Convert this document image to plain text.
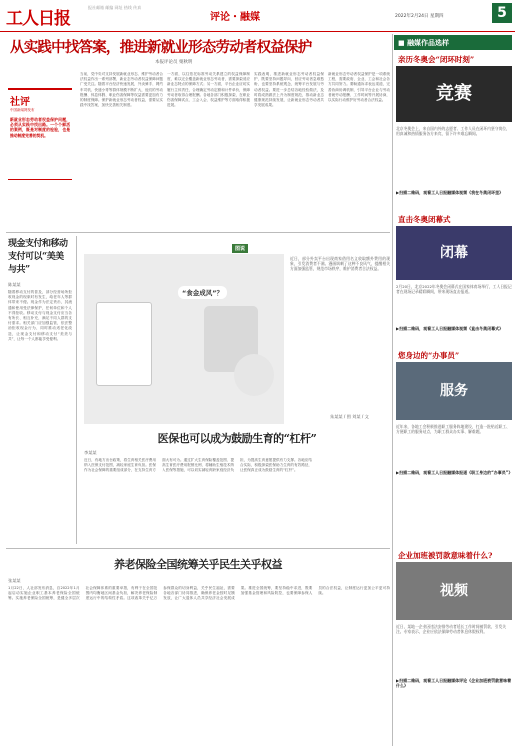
工人日报
报社邮箱 邮编 网址 热线 传真
评论・融媒	2022年2月24日 星期四	5
从实践中找答案，推进新就业形态劳动者权益保护
本报评论员 栗秋明
社评
中国新闻网发布
新就业形态劳动者权益保护问题，必须从实践中找出路。一个个鲜活的案例，既是对制度的检验，也是推动制度完善的契机。
当前，党中央对支持发展新就业形态、维护劳动者合法权益作出一系列部署，新业态劳动者权益保障问题广受关注。随着平台经济快速发展，外卖骑手、网约车司机、快递小哥等群体规模不断扩大，他们的劳动报酬、休息休假、职业伤害保障等权益需要更加有力的制度保障。保护新就业形态劳动者权益，需要从实践中找答案，加快完善相关制度。
一方面，以往依托标准劳动关系建立的权益保障制度，难以完全覆盖新就业形态劳动者，需要探索适应新业态特点的保障方式；另一方面，平台企业应切实履行主体责任，合理确定劳动定额和计件单价，保障劳动者取得合理报酬。各地各部门积极探索，在职业伤害保障试点、工会入会、权益维护等方面取得积极进展。
实践表明，推进新就业形态劳动者权益保护，既要坚持问题导向，回应劳动者急难愁盼，也要坚持系统观念，统筹平台发展与劳动者权益。要进一步总结各地经验做法，及时将成熟做法上升为制度规范，推动新业态健康规范持续发展，让新就业形态劳动者共享发展成果。
新就业形态劳动者权益保护是一项系统工程，需要政府、企业、工会和社会各方共同努力。要畅通诉求表达渠道，完善协商协调机制，引导平台企业与劳动者就劳动报酬、工作时间等开展协商，以实际行动维护好劳动者合法权益。
现金支付和移动支付可以“美美与共”
陈某某
随着移动支付的普及，部分经营场所拒收现金的现象时有发生，给老年人等群体带来不便。现金作为法定货币，其流通和使用受法律保护，任何单位和个人不得拒收。移动支付与现金支付应当各有所长、相互补充，满足不同人群的支付需求。相关部门应加强监管，依法整治拒收现金行为，同时推动适老化改造，让现金支付和移动支付“美美与共”，让每一个人都能享受便利。
图说
“食金成风”？
近日，部分外卖平台出现商家借用名义收取额外费用的现象，引发消费者不满。漫画讽刺了这种不良风气，提醒相关方面加强监管，规范市场秩序，维护消费者合法权益。
朱某某 / 图 刘某 / 文
医保也可以成为鼓励生育的“杠杆”
李某某
近日，有地方出台政策，将生育相关医疗费用纳入医保支付范围，减轻家庭生育负担。医保作为社会保障的重要组成部分，在支持生育方面大有可为。通过扩大生育保险覆盖范围、提高生育医疗费用报销比例、将辅助生殖技术纳入医保等措施，可以切实减轻育龄家庭经济负担，为提高生育意愿提供有力支撑。各地应结合实际，积极探索医保助力生育的有效路径，让医保真正成为鼓励生育的“杠杆”。
养老保险全国统筹关乎民生关乎权益
张某某
1月22日，人社部发布消息，自2022年1月起启动实施企业职工基本养老保险全国统筹。实施养老保险全国统筹，是健全多层次社会保障体系的重要举措，有利于在全国范围内均衡地区间基金负担，解决养老保险制度运行中的结构性矛盾。这项改革关乎亿万参保群众的切身利益，关乎民生福祉，需要各地各部门协同推进，确保养老金按时足额发放，让广大退休人员共享经济社会发展成果。推进全国统筹，要坚持稳中求进，既要加强基金管理和风险防控，也要保障参保人员的合法权益，让制度运行更加公平更可持续。
■ 融媒作品选样
亲历冬奥会“闭环时刻”
竞赛
北京冬奥会上，来自国内外的志愿者、工作人员在闭环内坚守岗位，用真诚和热情服务各方来宾，留下许多难忘瞬间。
▶扫描二维码，观看工人日报融媒体视频《我在冬奥闭环里》
直击冬奥闭幕式
闭幕
2月20日，北京2022年冬奥会闭幕式在国家体育场举行，工人日报记者在现场记录精彩瞬间，带来现场直击报道。
▶扫描二维码，观看工人日报融媒体视频《直击冬奥闭幕式》
您身边的“办事员”
服务
近年来，各地工会积极推进职工服务阵地建设，打造一批贴近职工、方便职工的服务站点，为职工群众办实事、解难题。
▶扫描二维码，观看工人日报融媒体报道《职工身边的“办事员”》
企业加班被罚款意味着什么?
视频
近日，某地一企业因违法安排劳动者延长工作时间被罚款，引发关注。专家表示，企业应依法保障劳动者休息休假权利。
▶扫描二维码，观看工人日报融媒体评论《企业加班被罚款意味着什么》
